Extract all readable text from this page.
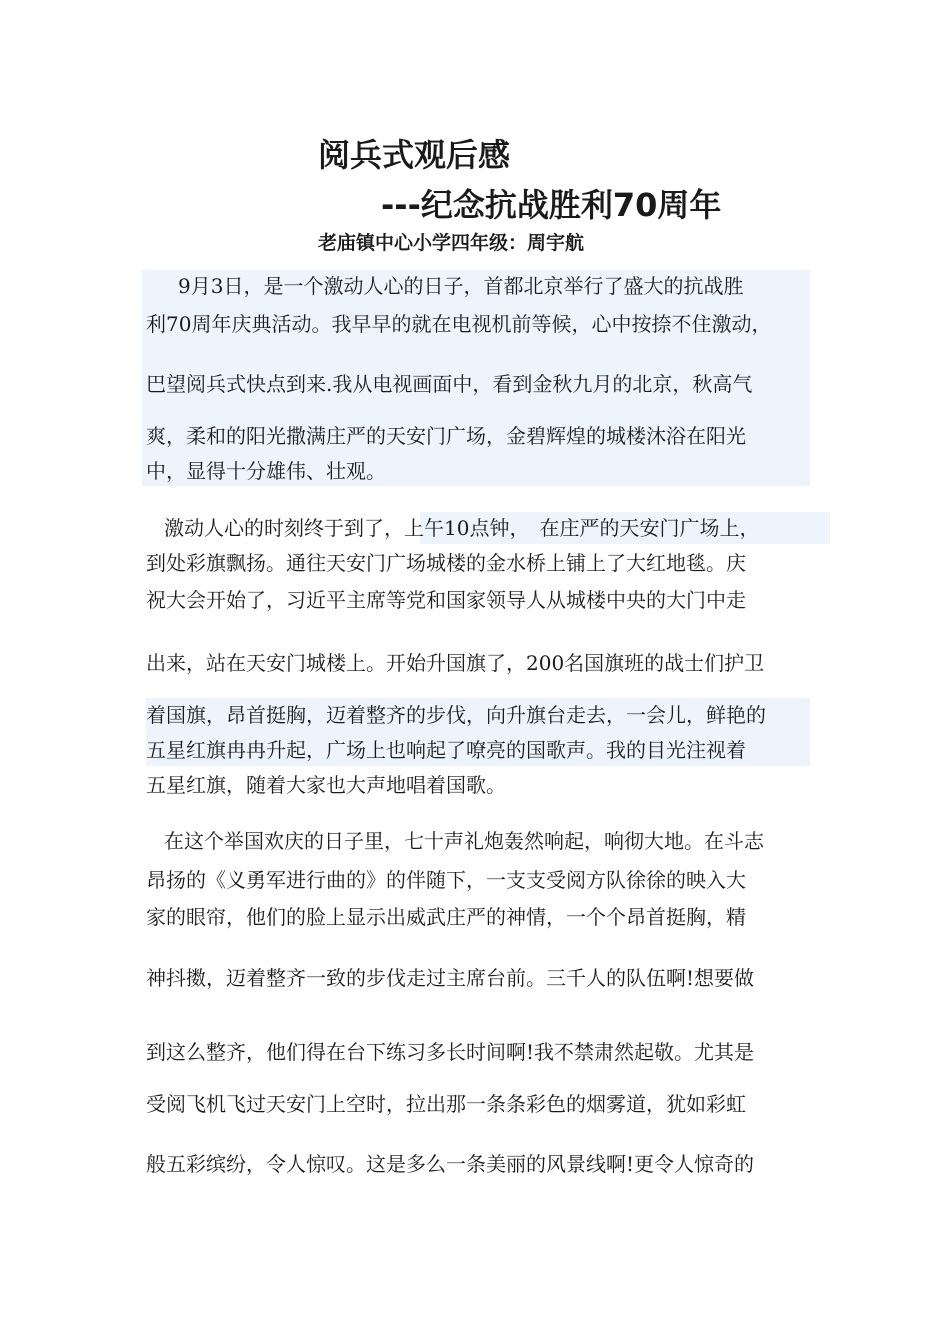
阅兵式观后感
---纪念抗战胜利70周年
老庙镇中心小学四年级：周宇航
　9月3日，是一个激动人心的日子，首都北京举行了盛大的抗战胜
利70周年庆典活动。我早早的就在电视机前等候，心中按捺不住激动，
巴望阅兵式快点到来.我从电视画面中，看到金秋九月的北京，秋高气
爽，柔和的阳光撒满庄严的天安门广场，金碧辉煌的城楼沐浴在阳光
中，显得十分雄伟、壮观。
激动人心的时刻终于到了，上午10点钟，　在庄严的天安门广场上，
到处彩旗飘扬。通往天安门广场城楼的金水桥上铺上了大红地毯。庆
祝大会开始了，习近平主席等党和国家领导人从城楼中央的大门中走
出来，站在天安门城楼上。开始升国旗了，200名国旗班的战士们护卫
着国旗，昂首挺胸，迈着整齐的步伐，向升旗台走去，一会儿，鲜艳的
五星红旗冉冉升起，广场上也响起了嘹亮的国歌声。我的目光注视着
五星红旗，随着大家也大声地唱着国歌。
在这个举国欢庆的日子里，七十声礼炮轰然响起，响彻大地。在斗志
昂扬的《义勇军进行曲的》的伴随下，一支支受阅方队徐徐的映入大
家的眼帘，他们的脸上显示出威武庄严的神情，一个个昂首挺胸，精
神抖擞，迈着整齐一致的步伐走过主席台前。三千人的队伍啊!想要做
到这么整齐，他们得在台下练习多长时间啊!我不禁肃然起敬。尤其是
受阅飞机飞过天安门上空时，拉出那一条条彩色的烟雾道，犹如彩虹
般五彩缤纷，令人惊叹。这是多么一条美丽的风景线啊!更令人惊奇的
